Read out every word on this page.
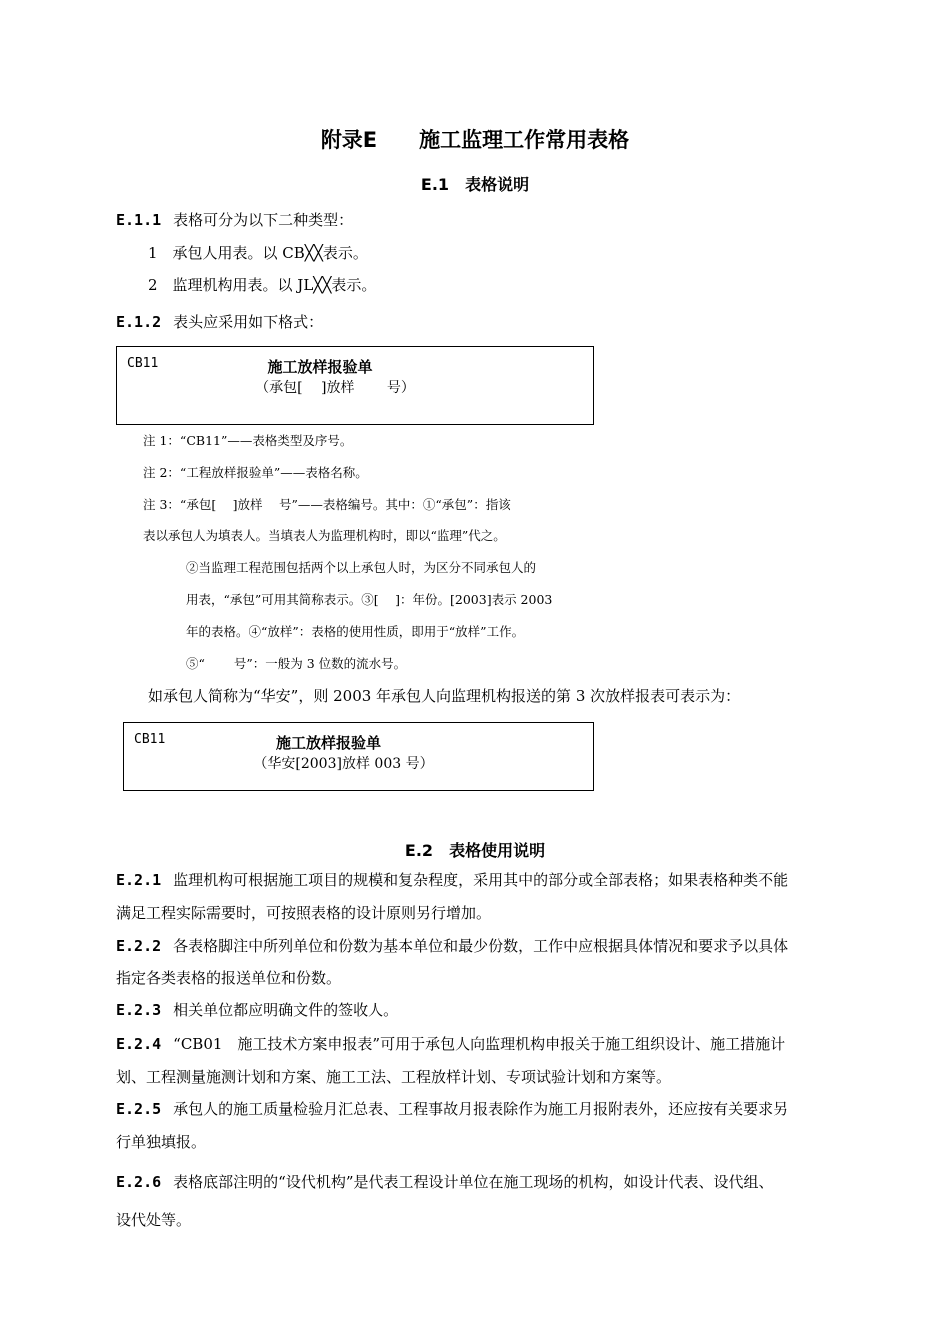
附录E　　施工监理工作常用表格
E.1　表格说明
E.1.1 表格可分为以下二种类型：
1　承包人用表。以 CB╳╳表示。
2　监理机构用表。以 JL╳╳表示。
E.1.2 表头应采用如下格式：
CB11	施工放样报验单
（承包[　 ]放样　　 号）
注 1：“CB11”——表格类型及序号。
注 2：“工程放样报验单”——表格名称。
注 3：“承包[　 ]放样　 号”——表格编号。其中：①“承包”：指该
表以承包人为填表人。当填表人为监理机构时，即以“监理”代之。
②当监理工程范围包括两个以上承包人时，为区分不同承包人的
用表，“承包”可用其简称表示。③[　 ]：年份。[2003]表示 2003
年的表格。④“放样”：表格的使用性质，即用于“放样”工作。
⑤“　　 号”：一般为 3 位数的流水号。
如承包人简称为“华安”，则 2003 年承包人向监理机构报送的第 3 次放样报表可表示为：
CB11	施工放样报验单
（华安[2003]放样 003 号）
E.2　表格使用说明
E.2.1 监理机构可根据施工项目的规模和复杂程度，采用其中的部分或全部表格；如果表格种类不能
满足工程实际需要时，可按照表格的设计原则另行增加。
E.2.2 各表格脚注中所列单位和份数为基本单位和最少份数，工作中应根据具体情况和要求予以具体
指定各类表格的报送单位和份数。
E.2.3 相关单位都应明确文件的签收人。
E.2.4 “CB01　施工技术方案申报表”可用于承包人向监理机构申报关于施工组织设计、施工措施计
划、工程测量施测计划和方案、施工工法、工程放样计划、专项试验计划和方案等。
E.2.5 承包人的施工质量检验月汇总表、工程事故月报表除作为施工月报附表外，还应按有关要求另
行单独填报。
E.2.6 表格底部注明的“设代机构”是代表工程设计单位在施工现场的机构，如设计代表、设代组、
设代处等。
